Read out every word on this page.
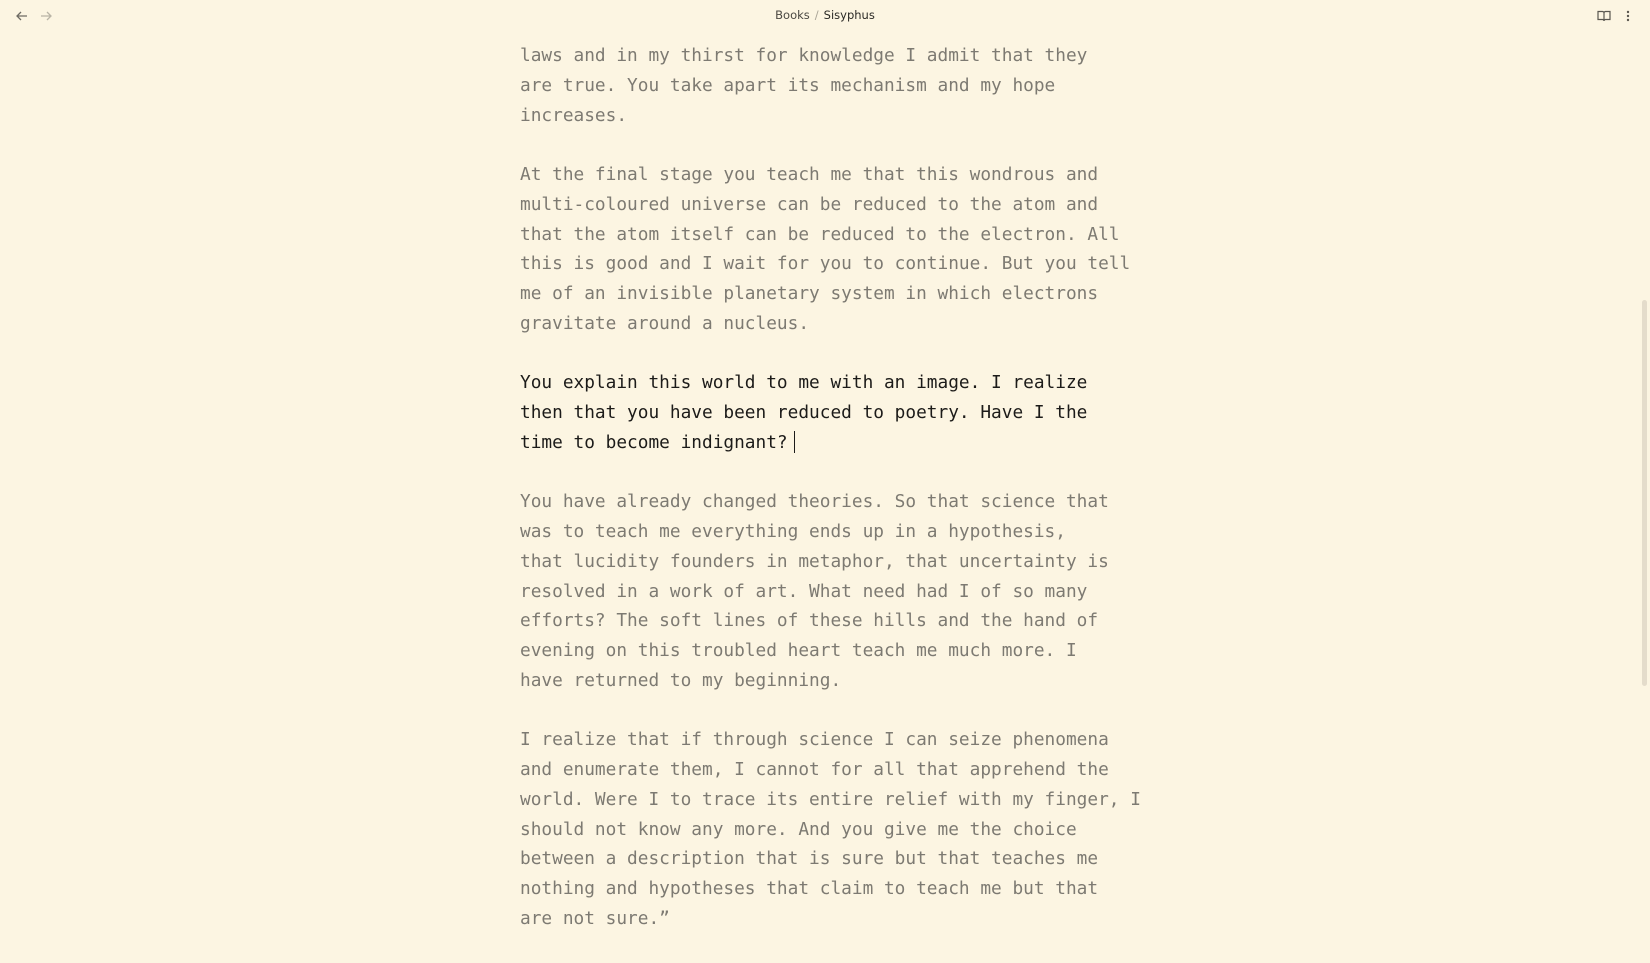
Books / Sisyphus
laws and in my thirst for knowledge I admit that they
are true. You take apart its mechanism and my hope
increases.
At the final stage you teach me that this wondrous and
multi-coloured universe can be reduced to the atom and
that the atom itself can be reduced to the electron. All
this is good and I wait for you to continue. But you tell
me of an invisible planetary system in which electrons
gravitate around a nucleus.
You explain this world to me with an image. I realize
then that you have been reduced to poetry. Have I the
time to become indignant?
You have already changed theories. So that science that
was to teach me everything ends up in a hypothesis,
that lucidity founders in metaphor, that uncertainty is
resolved in a work of art. What need had I of so many
efforts? The soft lines of these hills and the hand of
evening on this troubled heart teach me much more. I
have returned to my beginning.
I realize that if through science I can seize phenomena
and enumerate them, I cannot for all that apprehend the
world. Were I to trace its entire relief with my finger, I
should not know any more. And you give me the choice
between a description that is sure but that teaches me
nothing and hypotheses that claim to teach me but that
are not sure.”
